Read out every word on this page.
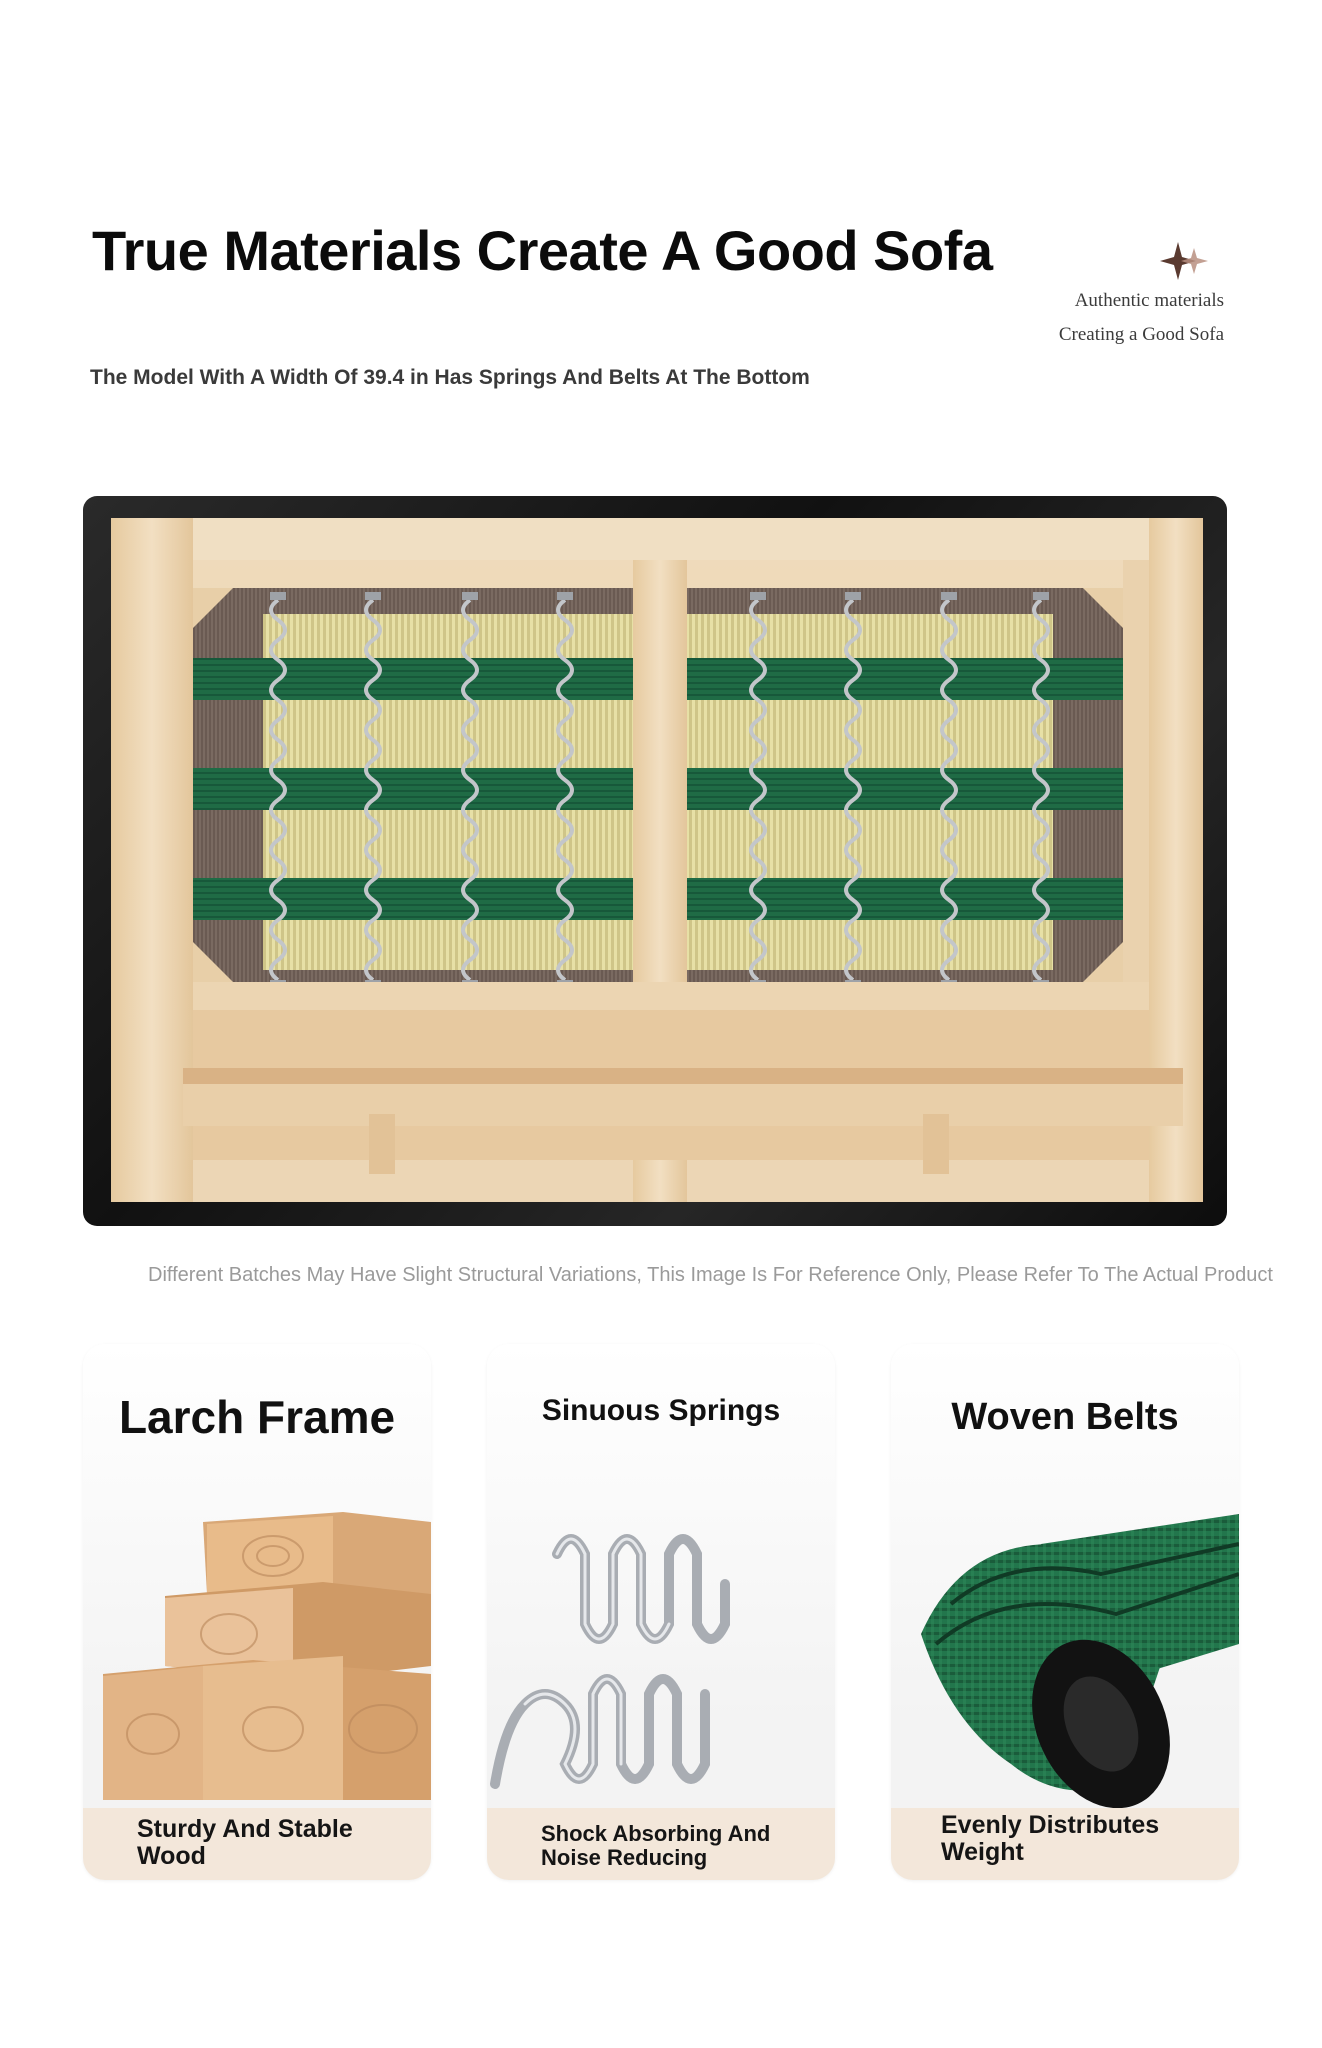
True Materials Create A Good Sofa
Authentic materials
Creating a Good Sofa
The Model With A Width Of 39.4 in Has Springs And Belts At The Bottom
Different Batches May Have Slight Structural Variations, This Image Is For Reference Only, Please Refer To The Actual Product
Larch Frame
Sturdy And Stable Wood
Sinuous Springs
Shock Absorbing And Noise Reducing
Woven Belts
Evenly Distributes Weight
